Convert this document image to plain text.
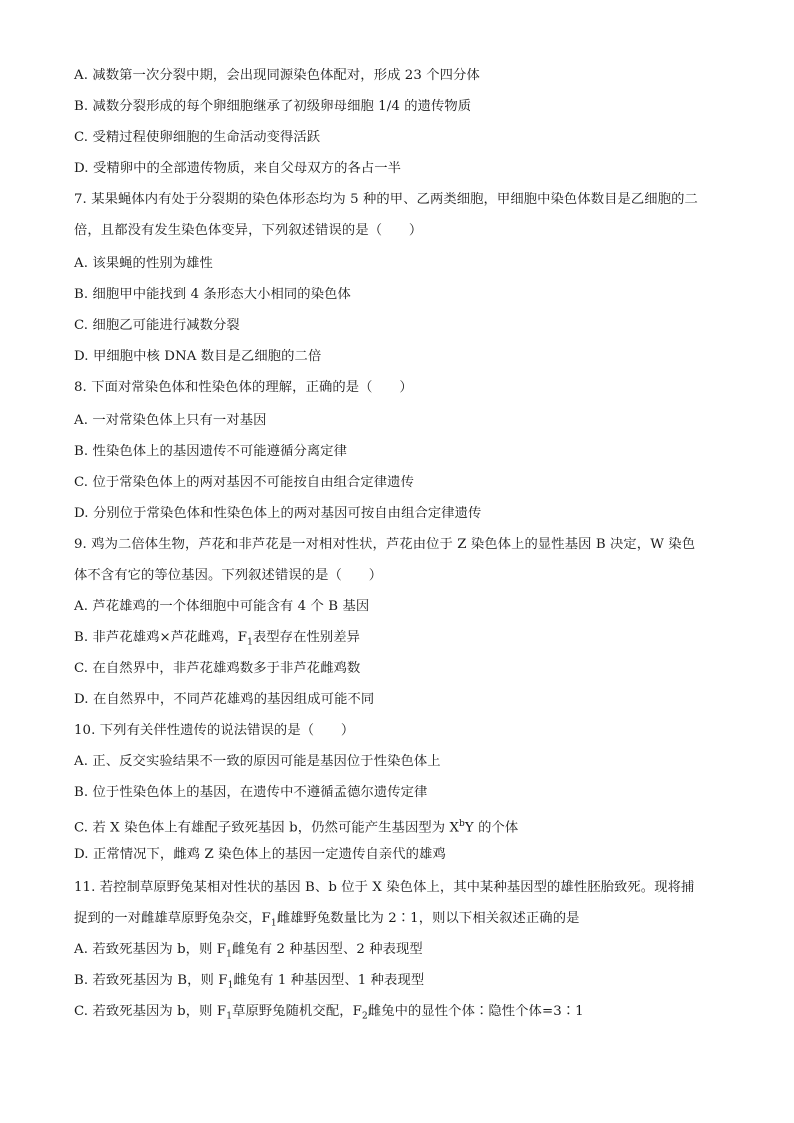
A. 减数第一次分裂中期，会出现同源染色体配对，形成 23 个四分体
B. 减数分裂形成的每个卵细胞继承了初级卵母细胞 1/4 的遗传物质
C. 受精过程使卵细胞的生命活动变得活跃
D. 受精卵中的全部遗传物质，来自父母双方的各占一半
7. 某果蝇体内有处于分裂期的染色体形态均为 5 种的甲、乙两类细胞，甲细胞中染色体数目是乙细胞的二
倍，且都没有发生染色体变异，下列叙述错误的是（　　）
A. 该果蝇的性别为雄性
B. 细胞甲中能找到 4 条形态大小相同的染色体
C. 细胞乙可能进行减数分裂
D. 甲细胞中核 DNA 数目是乙细胞的二倍
8. 下面对常染色体和性染色体的理解，正确的是（　　）
A. 一对常染色体上只有一对基因
B. 性染色体上的基因遗传不可能遵循分离定律
C. 位于常染色体上的两对基因不可能按自由组合定律遗传
D. 分别位于常染色体和性染色体上的两对基因可按自由组合定律遗传
9. 鸡为二倍体生物，芦花和非芦花是一对相对性状，芦花由位于 Z 染色体上的显性基因 B 决定，W 染色
体不含有它的等位基因。下列叙述错误的是（　　）
A. 芦花雄鸡的一个体细胞中可能含有 4 个 B 基因
B. 非芦花雄鸡×芦花雌鸡，$F_1$表型存在性别差异
C. 在自然界中，非芦花雄鸡数多于非芦花雌鸡数
D. 在自然界中，不同芦花雄鸡的基因组成可能不同
10. 下列有关伴性遗传的说法错误的是（　　）
A. 正、反交实验结果不一致的原因可能是基因位于性染色体上
B. 位于性染色体上的基因，在遗传中不遵循孟德尔遗传定律
C. 若 X 染色体上有雄配子致死基因 b，仍然可能产生基因型为 $X^bY$ 的个体
D. 正常情况下，雌鸡 Z 染色体上的基因一定遗传自亲代的雄鸡
11. 若控制草原野兔某相对性状的基因 B、b 位于 X 染色体上，其中某种基因型的雄性胚胎致死。现将捕
捉到的一对雌雄草原野兔杂交，$F_1$雌雄野兔数量比为 2∶1，则以下相关叙述正确的是
A. 若致死基因为 b，则 $F_1$雌兔有 2 种基因型、2 种表现型
B. 若致死基因为 B，则 $F_1$雌兔有 1 种基因型、1 种表现型
C. 若致死基因为 b，则 $F_1$草原野兔随机交配，$F_2$雌兔中的显性个体∶隐性个体=3∶1
